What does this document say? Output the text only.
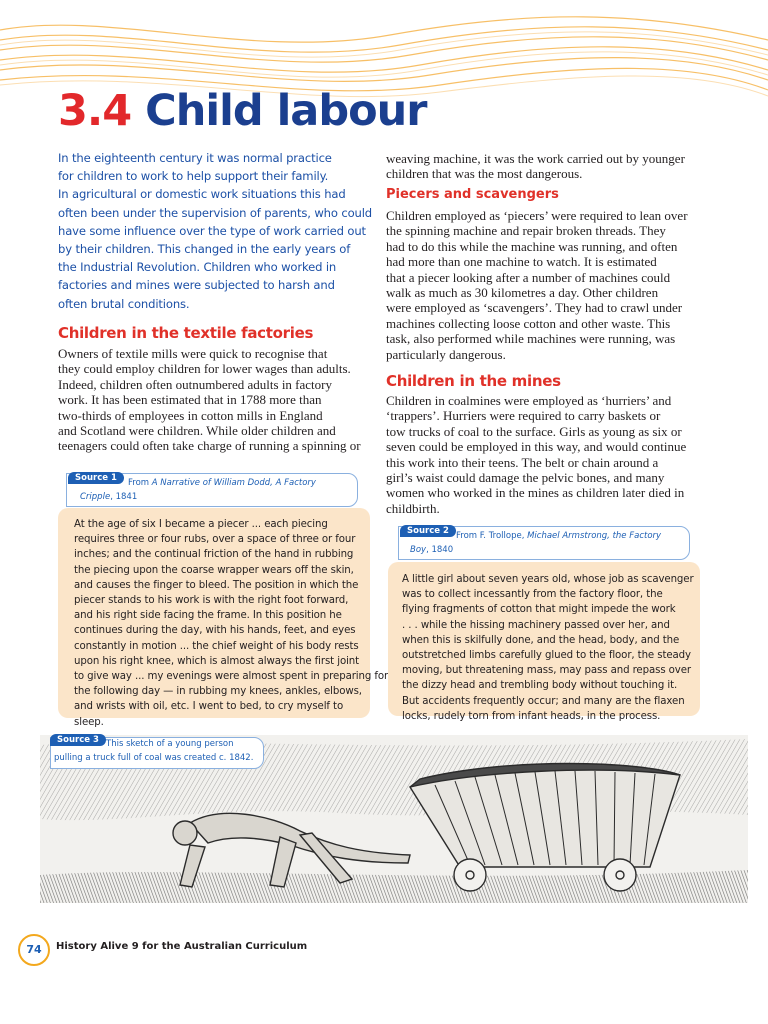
3.4 Child labour
In the eighteenth century it was normal practice
for children to work to help support their family.
In agricultural or domestic work situations this had
often been under the supervision of parents, who could
have some influence over the type of work carried out
by their children. This changed in the early years of
the Industrial Revolution. Children who worked in
factories and mines were subjected to harsh and
often brutal conditions.
Children in the textile factories
Owners of textile mills were quick to recognise that
they could employ children for lower wages than adults.
Indeed, children often outnumbered adults in factory
work. It has been estimated that in 1788 more than
two-thirds of employees in cotton mills in England
and Scotland were children. While older children and
teenagers could often take charge of running a spinning or
weaving machine, it was the work carried out by younger
children that was the most dangerous.
Piecers and scavengers
Children employed as ‘piecers’ were required to lean over
the spinning machine and repair broken threads. They
had to do this while the machine was running, and often
had more than one machine to watch. It is estimated
that a piecer looking after a number of machines could
walk as much as 30 kilometres a day. Other children
were employed as ‘scavengers’. They had to crawl under
machines collecting loose cotton and other waste. This
task, also performed while machines were running, was
particularly dangerous.
Children in the mines
Children in coalmines were employed as ‘hurriers’ and
‘trappers’. Hurriers were required to carry baskets or
tow trucks of coal to the surface. Girls as young as six or
seven could be employed in this way, and would continue
this work into their teens. The belt or chain around a
girl’s waist could damage the pelvic bones, and many
women who worked in the mines as children later died in
childbirth.
Source 1	From A Narrative of William Dodd, A Factory
Cripple, 1841
At the age of six I became a piecer ... each piecing
requires three or four rubs, over a space of three or four
inches; and the continual friction of the hand in rubbing
the piecing upon the coarse wrapper wears off the skin,
and causes the finger to bleed. The position in which the
piecer stands to his work is with the right foot forward,
and his right side facing the frame. In this position he
continues during the day, with his hands, feet, and eyes
constantly in motion ... the chief weight of his body rests
upon his right knee, which is almost always the first joint
to give way ... my evenings were almost spent in preparing for
the following day — in rubbing my knees, ankles, elbows,
and wrists with oil, etc. I went to bed, to cry myself to
sleep.
Source 2 From F. Trollope, Michael Armstrong, the Factory
Boy, 1840
A little girl about seven years old, whose job as scavenger
was to collect incessantly from the factory floor, the
flying fragments of cotton that might impede the work
. . . while the hissing machinery passed over her, and
when this is skilfully done, and the head, body, and the
outstretched limbs carefully glued to the floor, the steady
moving, but threatening mass, may pass and repass over
the dizzy head and trembling body without touching it.
But accidents frequently occur; and many are the flaxen
locks, rudely torn from infant heads, in the process.
Source 3 This sketch of a young person
pulling a truck full of coal was created c. 1842.
74	History Alive 9 for the Australian Curriculum
